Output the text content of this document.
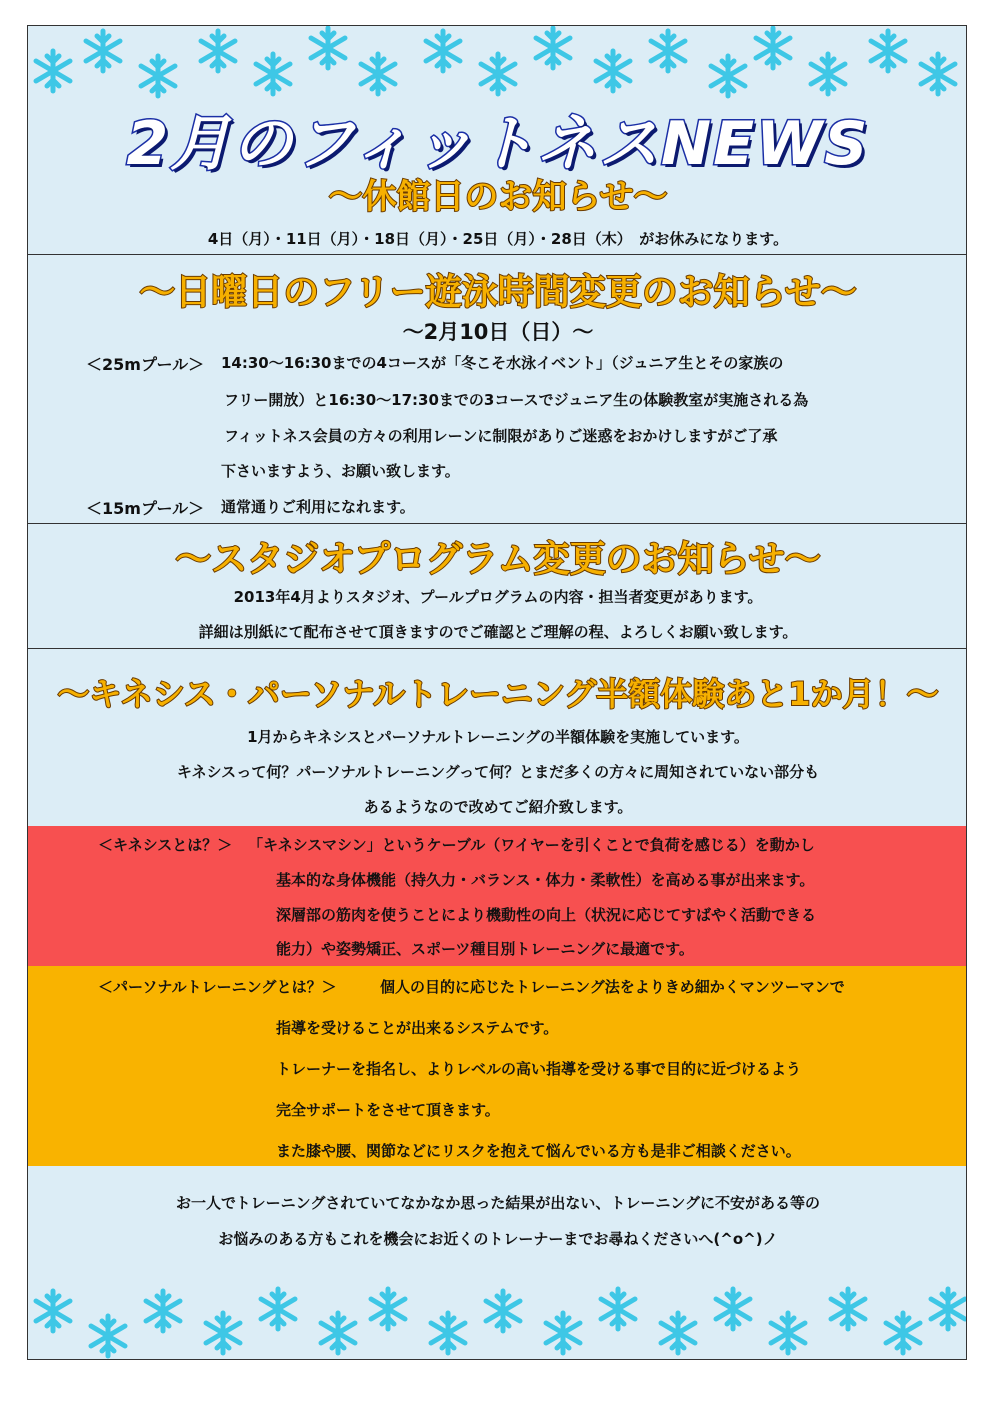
2月のフィットネスNEWS
～休館日のお知らせ～
4日（月）・11日（月）・18日（月）・25日（月）・28日（木）　がお休みになります。
～日曜日のフリー遊泳時間変更のお知らせ～
～2月10日（日）～
＜25mプール＞ 14:30～16:30までの4コースが「冬こそ水泳イベント」（ジュニア生とその家族の
フリー開放）と16:30～17:30までの3コースでジュニア生の体験教室が実施される為
フィットネス会員の方々の利用レーンに制限がありご迷惑をおかけしますがご了承
下さいますよう、お願い致します。
＜15mプール＞ 通常通りご利用になれます。
～スタジオプログラム変更のお知らせ～
2013年4月よりスタジオ、プールプログラムの内容・担当者変更があります。
詳細は別紙にて配布させて頂きますのでご確認とご理解の程、よろしくお願い致します。
～キネシス・パーソナルトレーニング半額体験あと1か月！～
1月からキネシスとパーソナルトレーニングの半額体験を実施しています。
キネシスって何？パーソナルトレーニングって何？とまだ多くの方々に周知されていない部分も
あるようなので改めてご紹介致します。
＜キネシスとは？＞ 「キネシスマシン」というケーブル（ワイヤーを引くことで負荷を感じる）を動かし
基本的な身体機能（持久力・バランス・体力・柔軟性）を高める事が出来ます。
深層部の筋肉を使うことにより機動性の向上（状況に応じてすばやく活動できる
能力）や姿勢矯正、スポーツ種目別トレーニングに最適です。
＜パーソナルトレーニングとは？＞	個人の目的に応じたトレーニング法をよりきめ細かくマンツーマンで
指導を受けることが出来るシステムです。
トレーナーを指名し、よりレベルの高い指導を受ける事で目的に近づけるよう
完全サポートをさせて頂きます。
また膝や腰、関節などにリスクを抱えて悩んでいる方も是非ご相談ください。
お一人でトレーニングされていてなかなか思った結果が出ない、トレーニングに不安がある等の
お悩みのある方もこれを機会にお近くのトレーナーまでお尋ねくださいへ(^o^)ノ
